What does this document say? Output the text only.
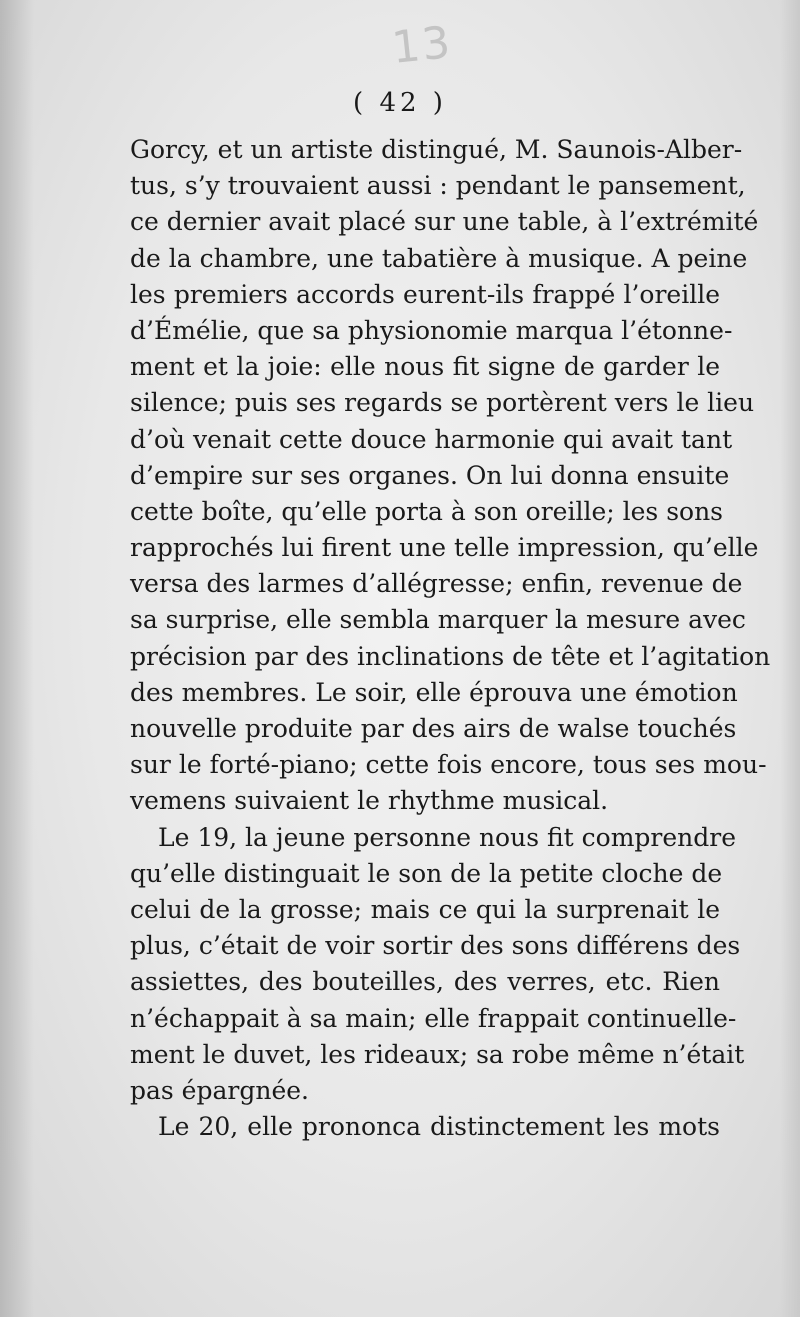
13
( 42 )
Gorcy, et un artiste distingué, M. Saunois-Alber-
tus, s’y trouvaient aussi : pendant le pansement,
ce dernier avait placé sur une table, à l’extrémité
de la chambre, une tabatière à musique. A peine
les premiers accords eurent-ils frappé l’oreille
d’Émélie, que sa physionomie marqua l’étonne-
ment et la joie: elle nous fit signe de garder le
silence; puis ses regards se portèrent vers le lieu
d’où venait cette douce harmonie qui avait tant
d’empire sur ses organes. On lui donna ensuite
cette boîte, qu’elle porta à son oreille; les sons
rapprochés lui firent une telle impression, qu’elle
versa des larmes d’allégresse; enfin, revenue de
sa surprise, elle sembla marquer la mesure avec
précision par des inclinations de tête et l’agitation
des membres. Le soir, elle éprouva une émotion
nouvelle produite par des airs de walse touchés
sur le forté-piano; cette fois encore, tous ses mou-
vemens suivaient le rhythme musical.
Le 19, la jeune personne nous fit comprendre
qu’elle distinguait le son de la petite cloche de
celui de la grosse; mais ce qui la surprenait le
plus, c’était de voir sortir des sons différens des
assiettes, des bouteilles, des verres, etc. Rien
n’échappait à sa main; elle frappait continuelle-
ment le duvet, les rideaux; sa robe même n’était
pas épargnée.
Le 20, elle prononca distinctement les mots
